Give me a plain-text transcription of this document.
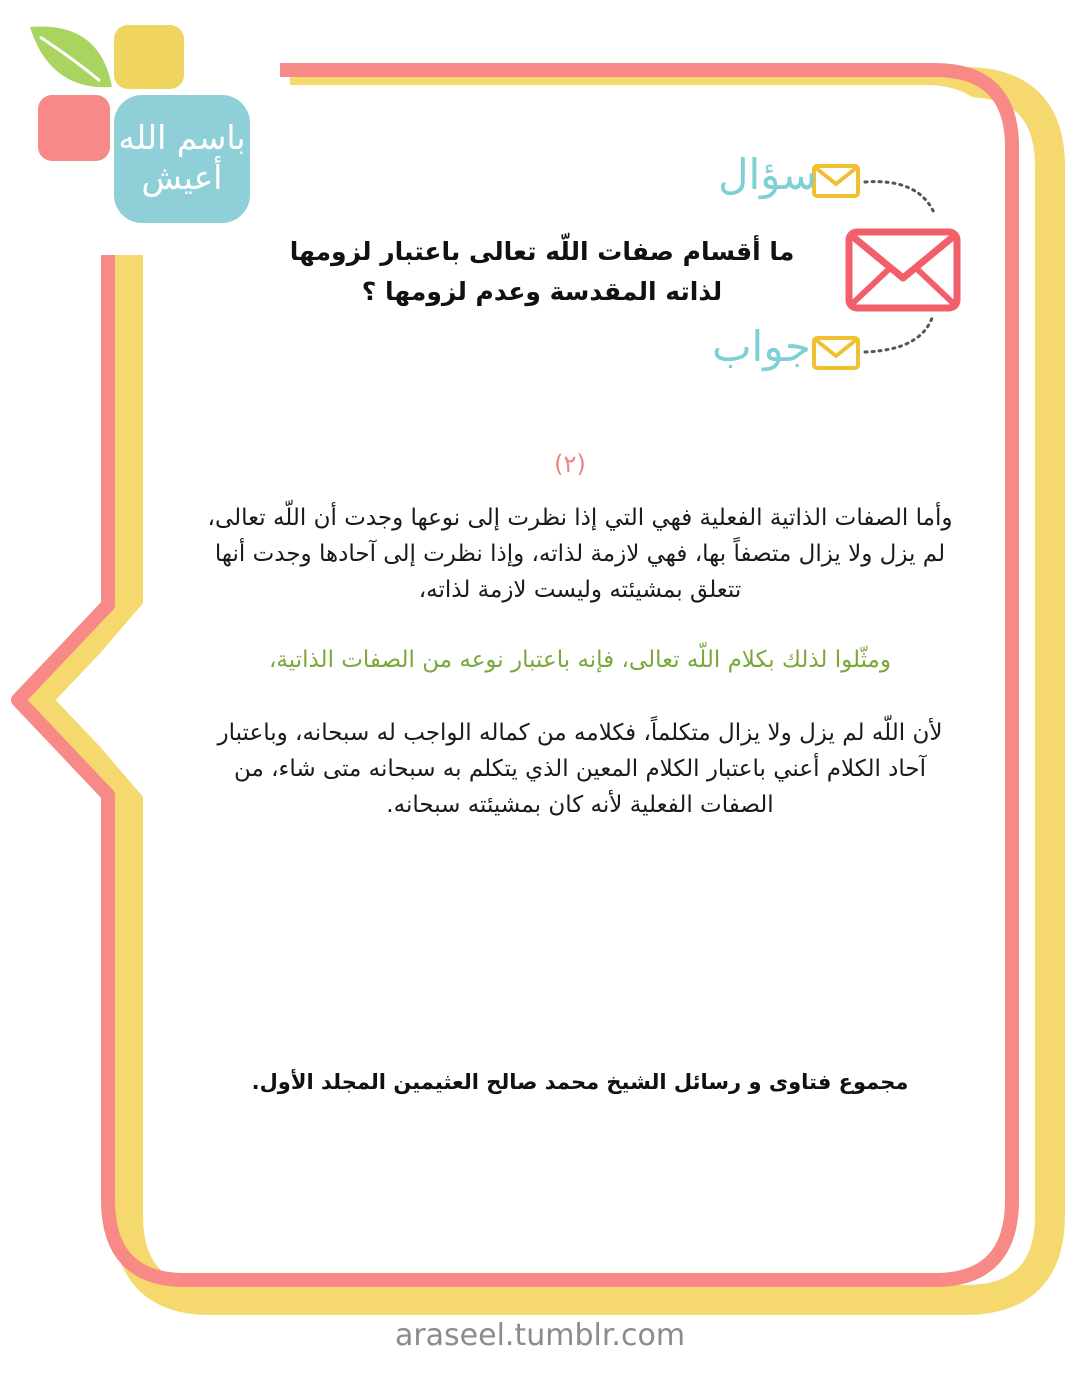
باسم الله
أعيش	سؤال
جواب
ما أقسام صفات اللّه تعالى باعتبار لزومها
لذاته المقدسة وعدم لزومها ؟
(٢)
وأما الصفات الذاتية الفعلية فهي التي إذا نظرت إلى نوعها وجدت أن اللّه تعالى، لم يزل ولا يزال متصفاً بها، فهي لازمة لذاته، وإذا نظرت إلى آحادها وجدت أنها تتعلق بمشيئته وليست لازمة لذاته،
ومثّلوا لذلك بكلام اللّه تعالى، فإنه باعتبار نوعه من الصفات الذاتية،
لأن اللّه لم يزل ولا يزال متكلماً، فكلامه من كماله الواجب له سبحانه، وباعتبار آحاد الكلام أعني باعتبار الكلام المعين الذي يتكلم به سبحانه متى شاء، من الصفات الفعلية لأنه كان بمشيئته سبحانه.
مجموع فتاوى و رسائل الشيخ محمد صالح العثيمين المجلد الأول.
araseel.tumblr.com
